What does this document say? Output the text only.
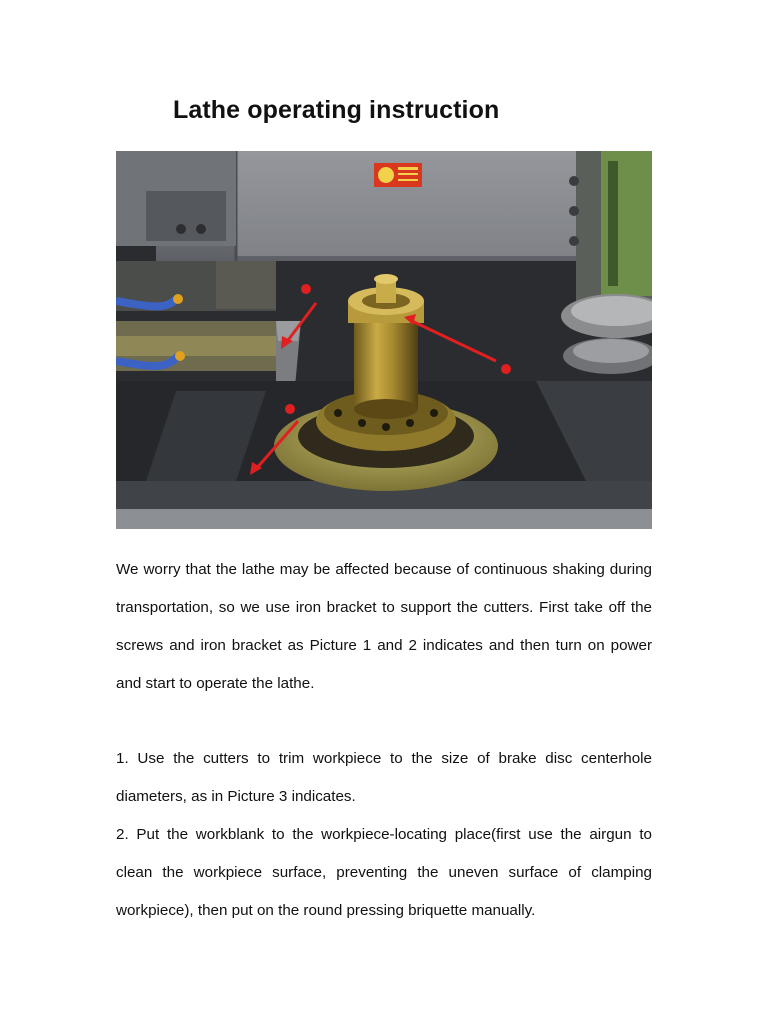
Lathe operating instruction

We worry that the lathe may be affected because of continuous shaking during transportation, so we use iron bracket to support the cutters. First take off the screws and iron bracket as Picture 1 and 2 indicates and then turn on power and start to operate the lathe.

1. Use the cutters to trim workpiece to the size of brake disc centerhole diameters, as in Picture 3 indicates.

2. Put the workblank to the workpiece-locating place(first use the airgun to clean the workpiece surface, preventing the uneven surface of clamping workpiece), then put on the round pressing briquette manually.
